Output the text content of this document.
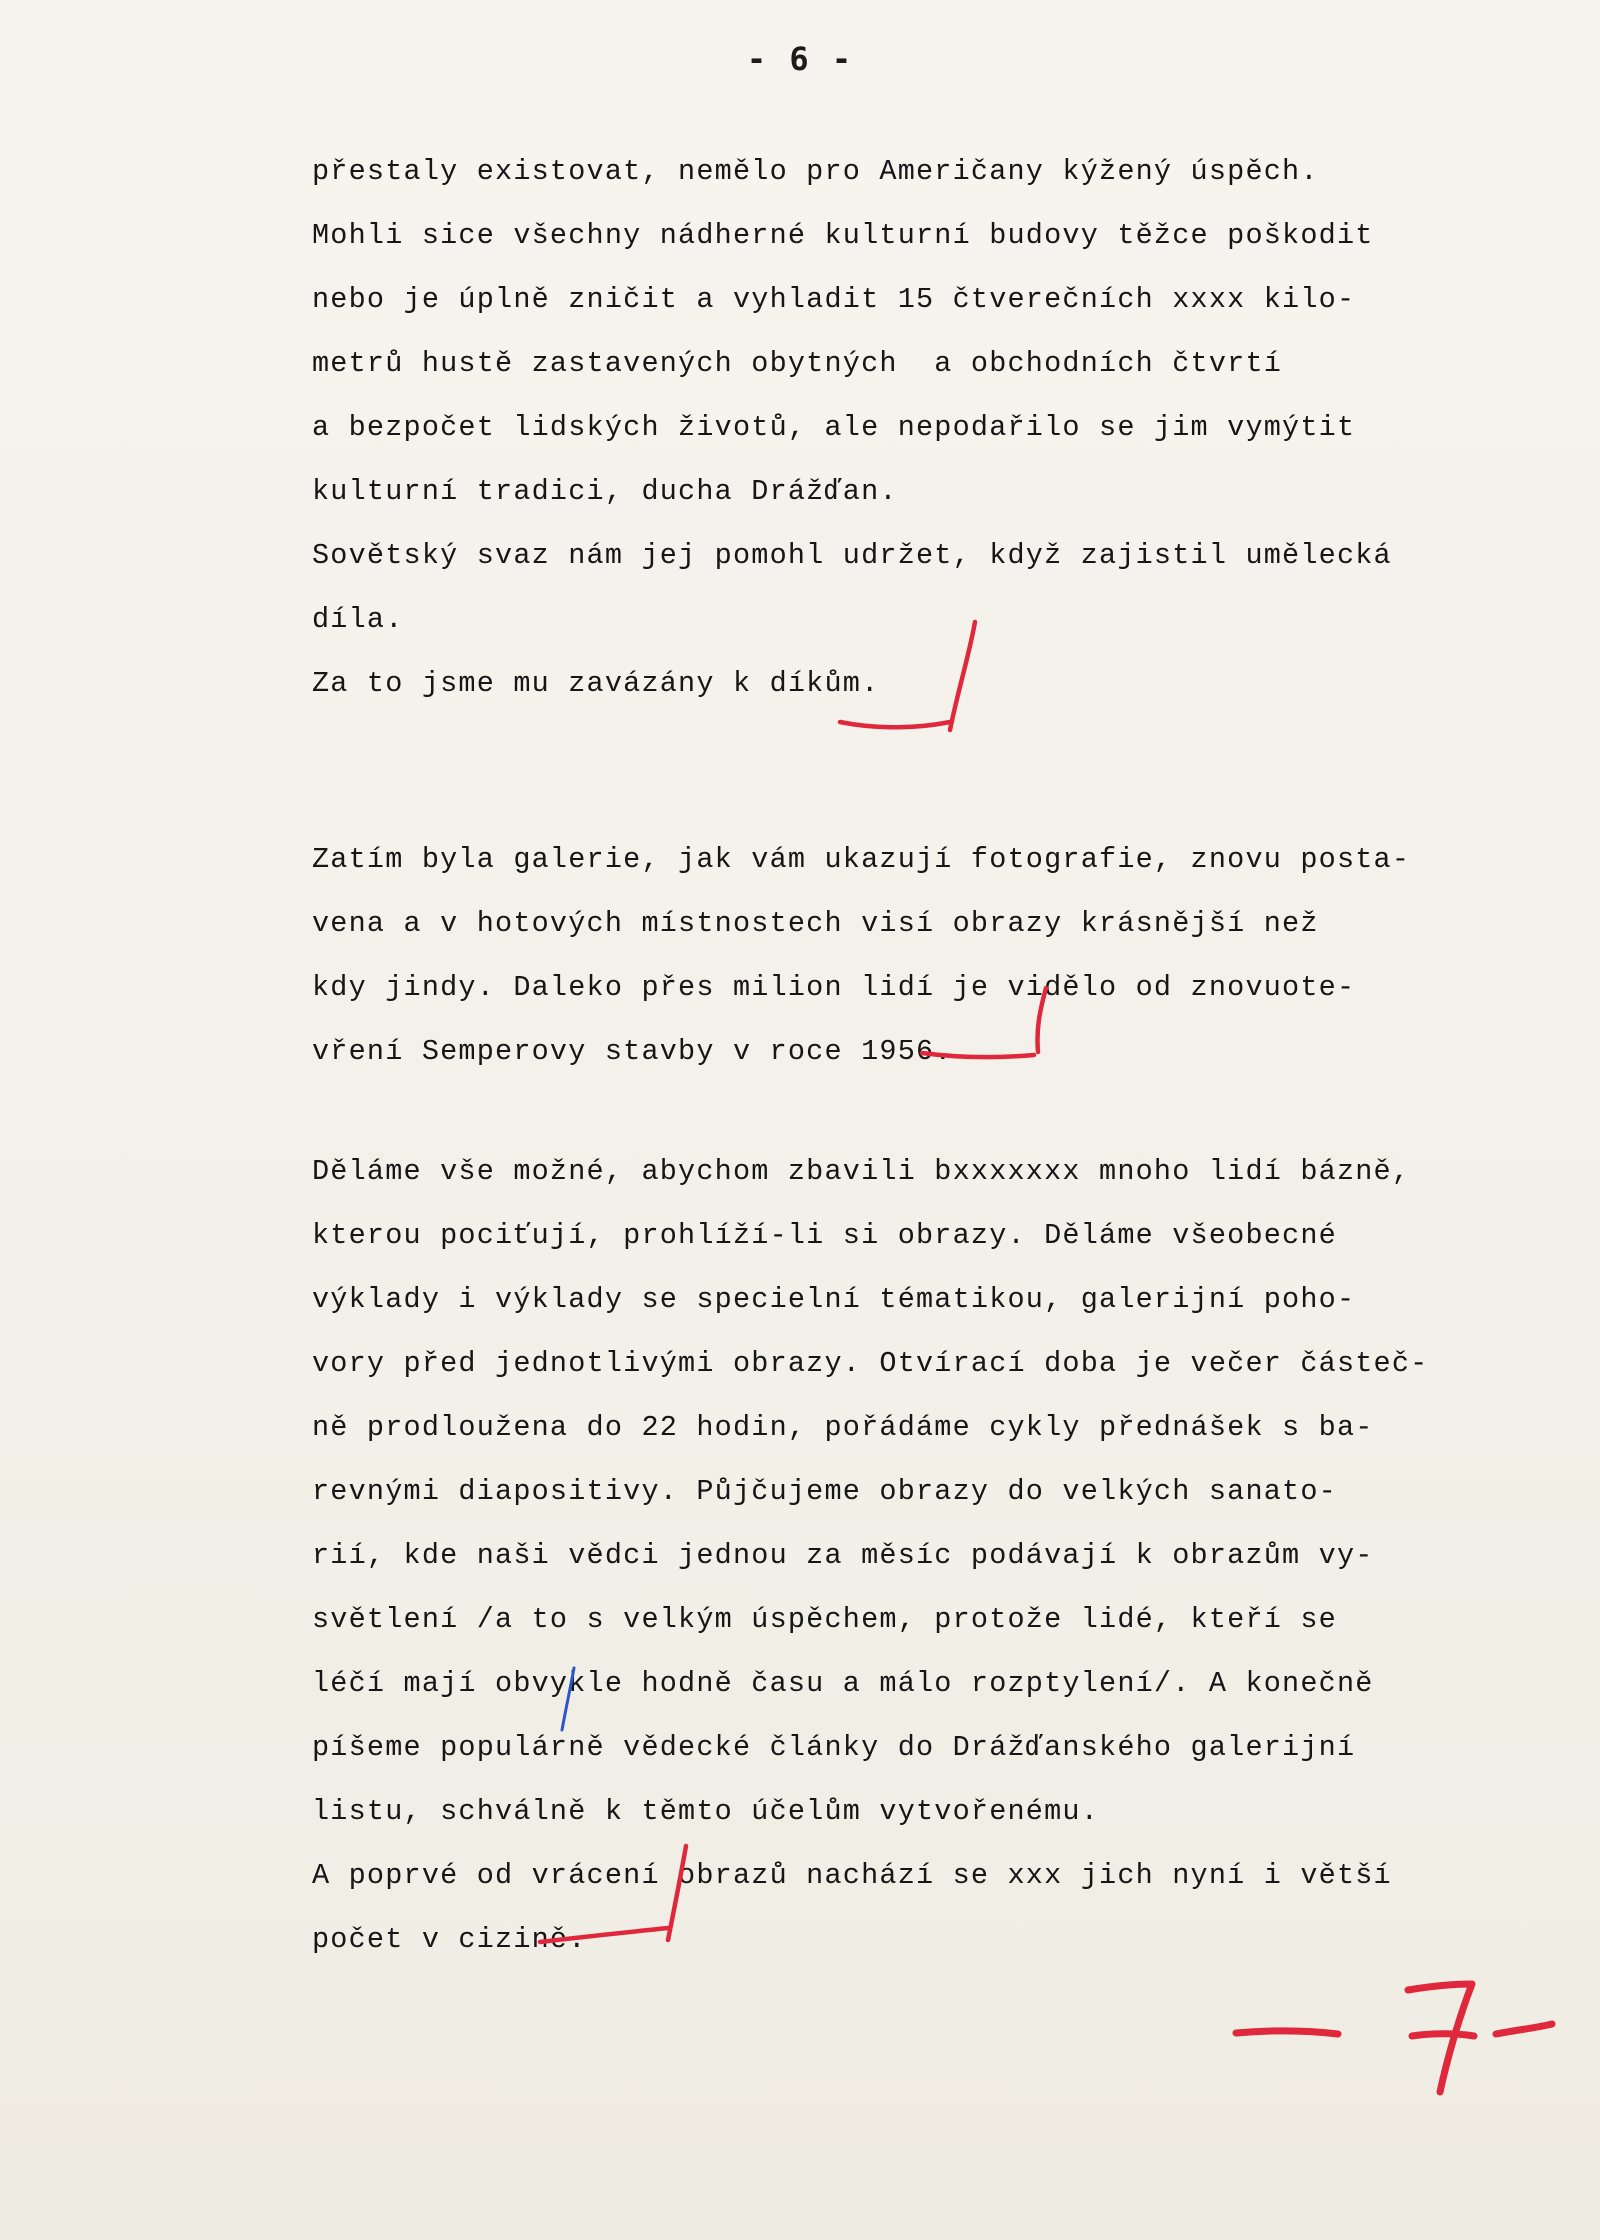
- 6 -

přestaly existovat, nemělo pro Američany kýžený úspěch.

Mohli sice všechny nádherné kulturní budovy těžce poškodit

nebo je úplně zničit a vyhladit 15 čtverečních xxxx kilo-

metrů hustě zastavených obytných  a obchodních čtvrtí

a bezpočet lidských životů, ale nepodařilo se jim vymýtit

kulturní tradici, ducha Drážďan.

Sovětský svaz nám jej pomohl udržet, když zajistil umělecká

díla.

Za to jsme mu zavázány k díkům.

Zatím byla galerie, jak vám ukazují fotografie, znovu posta-

vena a v hotových místnostech visí obrazy krásnější než

kdy jindy. Daleko přes milion lidí je vidělo od znovuote-

vření Semperovy stavby v roce 1956.

Děláme vše možné, abychom zbavili bxxxxxxx mnoho lidí bázně,

kterou pociťují, prohlíží-li si obrazy. Děláme všeobecné

výklady i výklady se specielní tématikou, galerijní poho-

vory před jednotlivými obrazy. Otvírací doba je večer částeč-

ně prodloužena do 22 hodin, pořádáme cykly přednášek s ba-

revnými diapositivy. Půjčujeme obrazy do velkých sanato-

rií, kde naši vědci jednou za měsíc podávají k obrazům vy-

světlení /a to s velkým úspěchem, protože lidé, kteří se

léčí mají obvykle hodně času a málo rozptylení/. A konečně

píšeme populárně vědecké články do Drážďanského galerijní

listu, schválně k těmto účelům vytvořenému.

A poprvé od vrácení obrazů nachází se xxx jich nyní i větší

počet v cizině.
